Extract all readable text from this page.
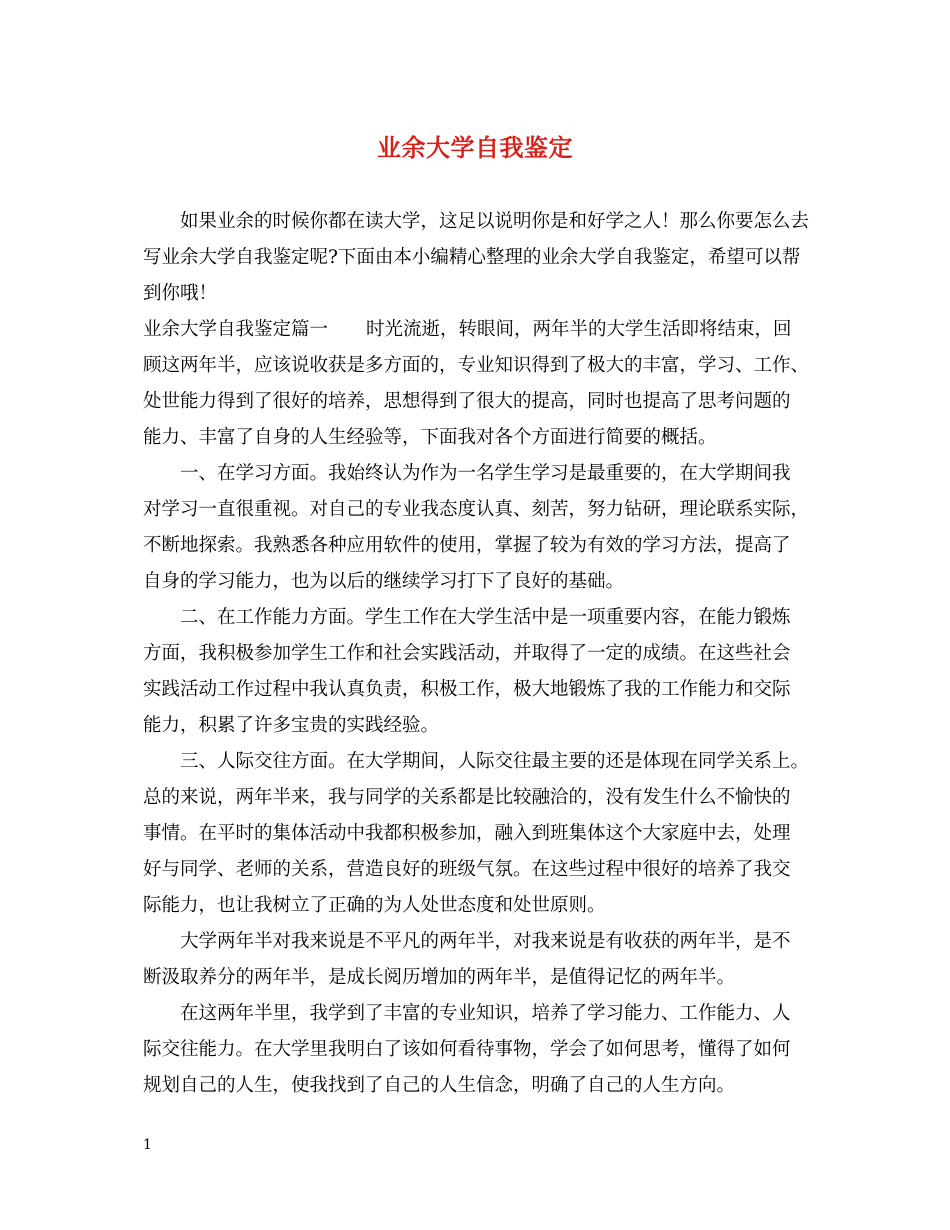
业余大学自我鉴定
如果业余的时候你都在读大学，这足以说明你是和好学之人！那么你要怎么去
写业余大学自我鉴定呢?下面由本小编精心整理的业余大学自我鉴定，希望可以帮
到你哦！
业余大学自我鉴定篇一 时光流逝，转眼间，两年半的大学生活即将结束，回
顾这两年半，应该说收获是多方面的，专业知识得到了极大的丰富，学习、工作、
处世能力得到了很好的培养，思想得到了很大的提高，同时也提高了思考问题的
能力、丰富了自身的人生经验等，下面我对各个方面进行简要的概括。
一、在学习方面。我始终认为作为一名学生学习是最重要的，在大学期间我
对学习一直很重视。对自己的专业我态度认真、刻苦，努力钻研，理论联系实际，
不断地探索。我熟悉各种应用软件的使用，掌握了较为有效的学习方法，提高了
自身的学习能力，也为以后的继续学习打下了良好的基础。
二、在工作能力方面。学生工作在大学生活中是一项重要内容，在能力锻炼
方面，我积极参加学生工作和社会实践活动，并取得了一定的成绩。在这些社会
实践活动工作过程中我认真负责，积极工作，极大地锻炼了我的工作能力和交际
能力，积累了许多宝贵的实践经验。
三、人际交往方面。在大学期间，人际交往最主要的还是体现在同学关系上。
总的来说，两年半来，我与同学的关系都是比较融洽的，没有发生什么不愉快的
事情。在平时的集体活动中我都积极参加，融入到班集体这个大家庭中去，处理
好与同学、老师的关系，营造良好的班级气氛。在这些过程中很好的培养了我交
际能力，也让我树立了正确的为人处世态度和处世原则。
大学两年半对我来说是不平凡的两年半，对我来说是有收获的两年半，是不
断汲取养分的两年半，是成长阅历增加的两年半，是值得记忆的两年半。
在这两年半里，我学到了丰富的专业知识，培养了学习能力、工作能力、人
际交往能力。在大学里我明白了该如何看待事物，学会了如何思考，懂得了如何
规划自己的人生，使我找到了自己的人生信念，明确了自己的人生方向。
1
